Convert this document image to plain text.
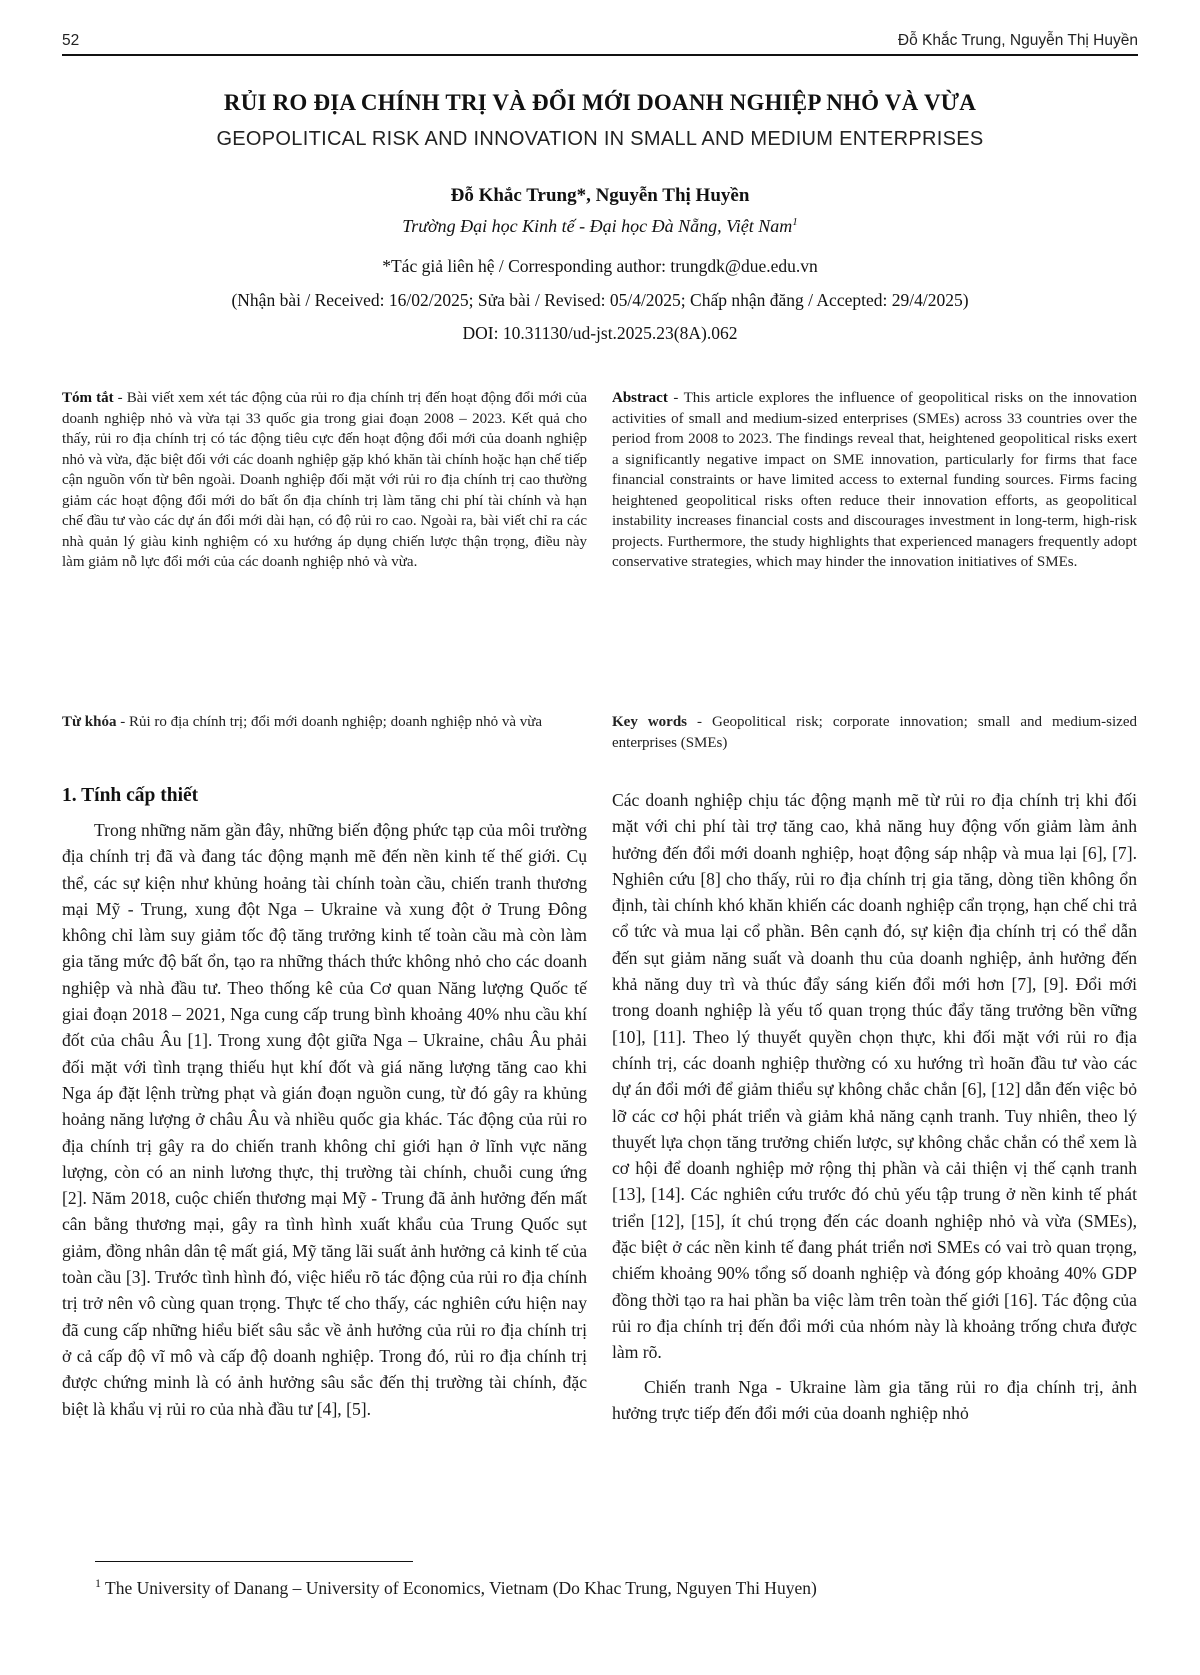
52	Đỗ Khắc Trung, Nguyễn Thị Huyền
RỦI RO ĐỊA CHÍNH TRỊ VÀ ĐỔI MỚI DOANH NGHIỆP NHỎ VÀ VỪA
GEOPOLITICAL RISK AND INNOVATION IN SMALL AND MEDIUM ENTERPRISES
Đỗ Khắc Trung*, Nguyễn Thị Huyền
Trường Đại học Kinh tế - Đại học Đà Nẵng, Việt Nam$^1$
*Tác giả liên hệ / Corresponding author: trungdk@due.edu.vn
(Nhận bài / Received: 16/02/2025; Sửa bài / Revised: 05/4/2025; Chấp nhận đăng / Accepted: 29/4/2025)
DOI: 10.31130/ud-jst.2025.23(8A).062
Tóm tắt - Bài viết xem xét tác động của rủi ro địa chính trị đến hoạt động đổi mới của doanh nghiệp nhỏ và vừa tại 33 quốc gia trong giai đoạn 2008 – 2023. Kết quả cho thấy, rủi ro địa chính trị có tác động tiêu cực đến hoạt động đổi mới của doanh nghiệp nhỏ và vừa, đặc biệt đối với các doanh nghiệp gặp khó khăn tài chính hoặc hạn chế tiếp cận nguồn vốn từ bên ngoài. Doanh nghiệp đối mặt với rủi ro địa chính trị cao thường giảm các hoạt động đổi mới do bất ổn địa chính trị làm tăng chi phí tài chính và hạn chế đầu tư vào các dự án đổi mới dài hạn, có độ rủi ro cao. Ngoài ra, bài viết chỉ ra các nhà quản lý giàu kinh nghiệm có xu hướng áp dụng chiến lược thận trọng, điều này làm giảm nỗ lực đổi mới của các doanh nghiệp nhỏ và vừa.
Abstract - This article explores the influence of geopolitical risks on the innovation activities of small and medium-sized enterprises (SMEs) across 33 countries over the period from 2008 to 2023. The findings reveal that, heightened geopolitical risks exert a significantly negative impact on SME innovation, particularly for firms that face financial constraints or have limited access to external funding sources. Firms facing heightened geopolitical risks often reduce their innovation efforts, as geopolitical instability increases financial costs and discourages investment in long-term, high-risk projects. Furthermore, the study highlights that experienced managers frequently adopt conservative strategies, which may hinder the innovation initiatives of SMEs.
Từ khóa - Rủi ro địa chính trị; đổi mới doanh nghiệp; doanh nghiệp nhỏ và vừa	Key words - Geopolitical risk; corporate innovation; small and medium-sized enterprises (SMEs)
1. Tính cấp thiết

Trong những năm gần đây, những biến động phức tạp của môi trường địa chính trị đã và đang tác động mạnh mẽ đến nền kinh tế thế giới. Cụ thể, các sự kiện như khủng hoảng tài chính toàn cầu, chiến tranh thương mại Mỹ - Trung, xung đột Nga – Ukraine và xung đột ở Trung Đông không chỉ làm suy giảm tốc độ tăng trưởng kinh tế toàn cầu mà còn làm gia tăng mức độ bất ổn, tạo ra những thách thức không nhỏ cho các doanh nghiệp và nhà đầu tư. Theo thống kê của Cơ quan Năng lượng Quốc tế giai đoạn 2018 – 2021, Nga cung cấp trung bình khoảng 40% nhu cầu khí đốt của châu Âu [1]. Trong xung đột giữa Nga – Ukraine, châu Âu phải đối mặt với tình trạng thiếu hụt khí đốt và giá năng lượng tăng cao khi Nga áp đặt lệnh trừng phạt và gián đoạn nguồn cung, từ đó gây ra khủng hoảng năng lượng ở châu Âu và nhiều quốc gia khác. Tác động của rủi ro địa chính trị gây ra do chiến tranh không chỉ giới hạn ở lĩnh vực năng lượng, còn có an ninh lương thực, thị trường tài chính, chuỗi cung ứng [2]. Năm 2018, cuộc chiến thương mại Mỹ - Trung đã ảnh hưởng đến mất cân bằng thương mại, gây ra tình hình xuất khẩu của Trung Quốc sụt giảm, đồng nhân dân tệ mất giá, Mỹ tăng lãi suất ảnh hưởng cả kinh tế của toàn cầu [3]. Trước tình hình đó, việc hiểu rõ tác động của rủi ro địa chính trị trở nên vô cùng quan trọng. Thực tế cho thấy, các nghiên cứu hiện nay đã cung cấp những hiểu biết sâu sắc về ảnh hưởng của rủi ro địa chính trị ở cả cấp độ vĩ mô và cấp độ doanh nghiệp. Trong đó, rủi ro địa chính trị được chứng minh là có ảnh hưởng sâu sắc đến thị trường tài chính, đặc biệt là khẩu vị rủi ro của nhà đầu tư [4], [5].

Các doanh nghiệp chịu tác động mạnh mẽ từ rủi ro địa chính trị khi đối mặt với chi phí tài trợ tăng cao, khả năng huy động vốn giảm làm ảnh hưởng đến đổi mới doanh nghiệp, hoạt động sáp nhập và mua lại [6], [7]. Nghiên cứu [8] cho thấy, rủi ro địa chính trị gia tăng, dòng tiền không ổn định, tài chính khó khăn khiến các doanh nghiệp cẩn trọng, hạn chế chi trả cổ tức và mua lại cổ phần. Bên cạnh đó, sự kiện địa chính trị có thể dẫn đến sụt giảm năng suất và doanh thu của doanh nghiệp, ảnh hưởng đến khả năng duy trì và thúc đẩy sáng kiến đổi mới hơn [7], [9]. Đổi mới trong doanh nghiệp là yếu tố quan trọng thúc đẩy tăng trưởng bền vững [10], [11]. Theo lý thuyết quyền chọn thực, khi đối mặt với rủi ro địa chính trị, các doanh nghiệp thường có xu hướng trì hoãn đầu tư vào các dự án đổi mới để giảm thiểu sự không chắc chắn [6], [12] dẫn đến việc bỏ lỡ các cơ hội phát triển và giảm khả năng cạnh tranh. Tuy nhiên, theo lý thuyết lựa chọn tăng trưởng chiến lược, sự không chắc chắn có thể xem là cơ hội để doanh nghiệp mở rộng thị phần và cải thiện vị thế cạnh tranh [13], [14]. Các nghiên cứu trước đó chủ yếu tập trung ở nền kinh tế phát triển [12], [15], ít chú trọng đến các doanh nghiệp nhỏ và vừa (SMEs), đặc biệt ở các nền kinh tế đang phát triển nơi SMEs có vai trò quan trọng, chiếm khoảng 90% tổng số doanh nghiệp và đóng góp khoảng 40% GDP đồng thời tạo ra hai phần ba việc làm trên toàn thế giới [16]. Tác động của rủi ro địa chính trị đến đổi mới của nhóm này là khoảng trống chưa được làm rõ.

Chiến tranh Nga - Ukraine làm gia tăng rủi ro địa chính trị, ảnh hưởng trực tiếp đến đổi mới của doanh nghiệp nhỏ

$^1$ The University of Danang – University of Economics, Vietnam (Do Khac Trung, Nguyen Thi Huyen)
